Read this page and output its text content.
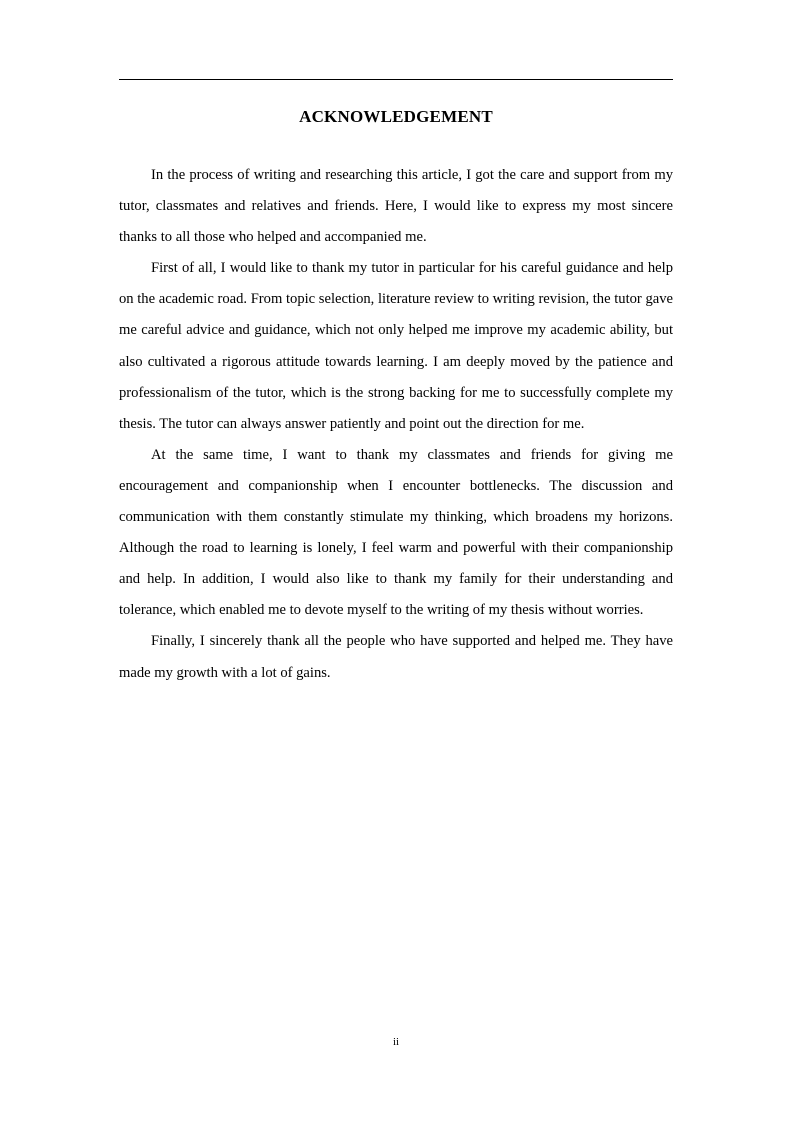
ACKNOWLEDGEMENT

In the process of writing and researching this article, I got the care and support from my tutor, classmates and relatives and friends. Here, I would like to express my most sincere thanks to all those who helped and accompanied me.

First of all, I would like to thank my tutor in particular for his careful guidance and help on the academic road. From topic selection, literature review to writing revision, the tutor gave me careful advice and guidance, which not only helped me improve my academic ability, but also cultivated a rigorous attitude towards learning. I am deeply moved by the patience and professionalism of the tutor, which is the strong backing for me to successfully complete my thesis. The tutor can always answer patiently and point out the direction for me.

At the same time, I want to thank my classmates and friends for giving me encouragement and companionship when I encounter bottlenecks. The discussion and communication with them constantly stimulate my thinking, which broadens my horizons. Although the road to learning is lonely, I feel warm and powerful with their companionship and help. In addition, I would also like to thank my family for their understanding and tolerance, which enabled me to devote myself to the writing of my thesis without worries.

Finally, I sincerely thank all the people who have supported and helped me. They have made my growth with a lot of gains.

ii
